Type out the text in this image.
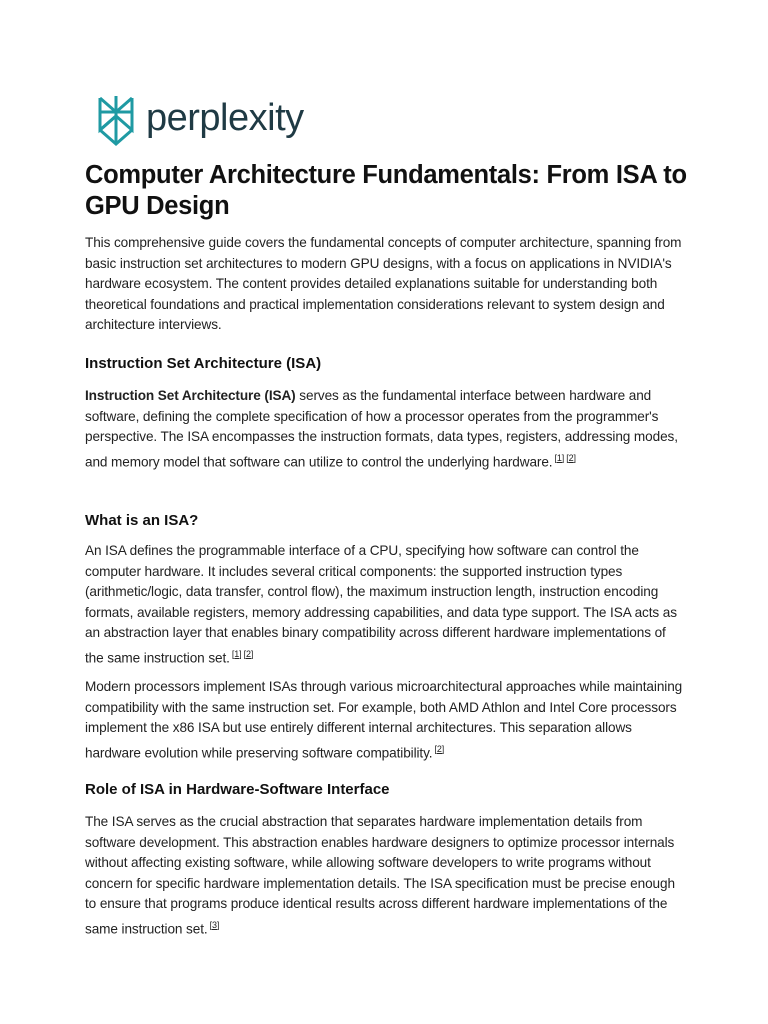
perplexity
Computer Architecture Fundamentals: From ISA to GPU Design

This comprehensive guide covers the fundamental concepts of computer architecture, spanning from basic instruction set architectures to modern GPU designs, with a focus on applications in NVIDIA's hardware ecosystem. The content provides detailed explanations suitable for understanding both theoretical foundations and practical implementation considerations relevant to system design and architecture interviews.

Instruction Set Architecture (ISA)

Instruction Set Architecture (ISA) serves as the fundamental interface between hardware and software, defining the complete specification of how a processor operates from the programmer's perspective. The ISA encompasses the instruction formats, data types, registers, addressing modes, and memory model that software can utilize to control the underlying hardware. [1] [2]

What is an ISA?

An ISA defines the programmable interface of a CPU, specifying how software can control the computer hardware. It includes several critical components: the supported instruction types (arithmetic/logic, data transfer, control flow), the maximum instruction length, instruction encoding formats, available registers, memory addressing capabilities, and data type support. The ISA acts as an abstraction layer that enables binary compatibility across different hardware implementations of the same instruction set. [1] [2]

Modern processors implement ISAs through various microarchitectural approaches while maintaining compatibility with the same instruction set. For example, both AMD Athlon and Intel Core processors implement the x86 ISA but use entirely different internal architectures. This separation allows hardware evolution while preserving software compatibility. [2]

Role of ISA in Hardware-Software Interface

The ISA serves as the crucial abstraction that separates hardware implementation details from software development. This abstraction enables hardware designers to optimize processor internals without affecting existing software, while allowing software developers to write programs without concern for specific hardware implementation details. The ISA specification must be precise enough to ensure that programs produce identical results across different hardware implementations of the same instruction set. [3]
